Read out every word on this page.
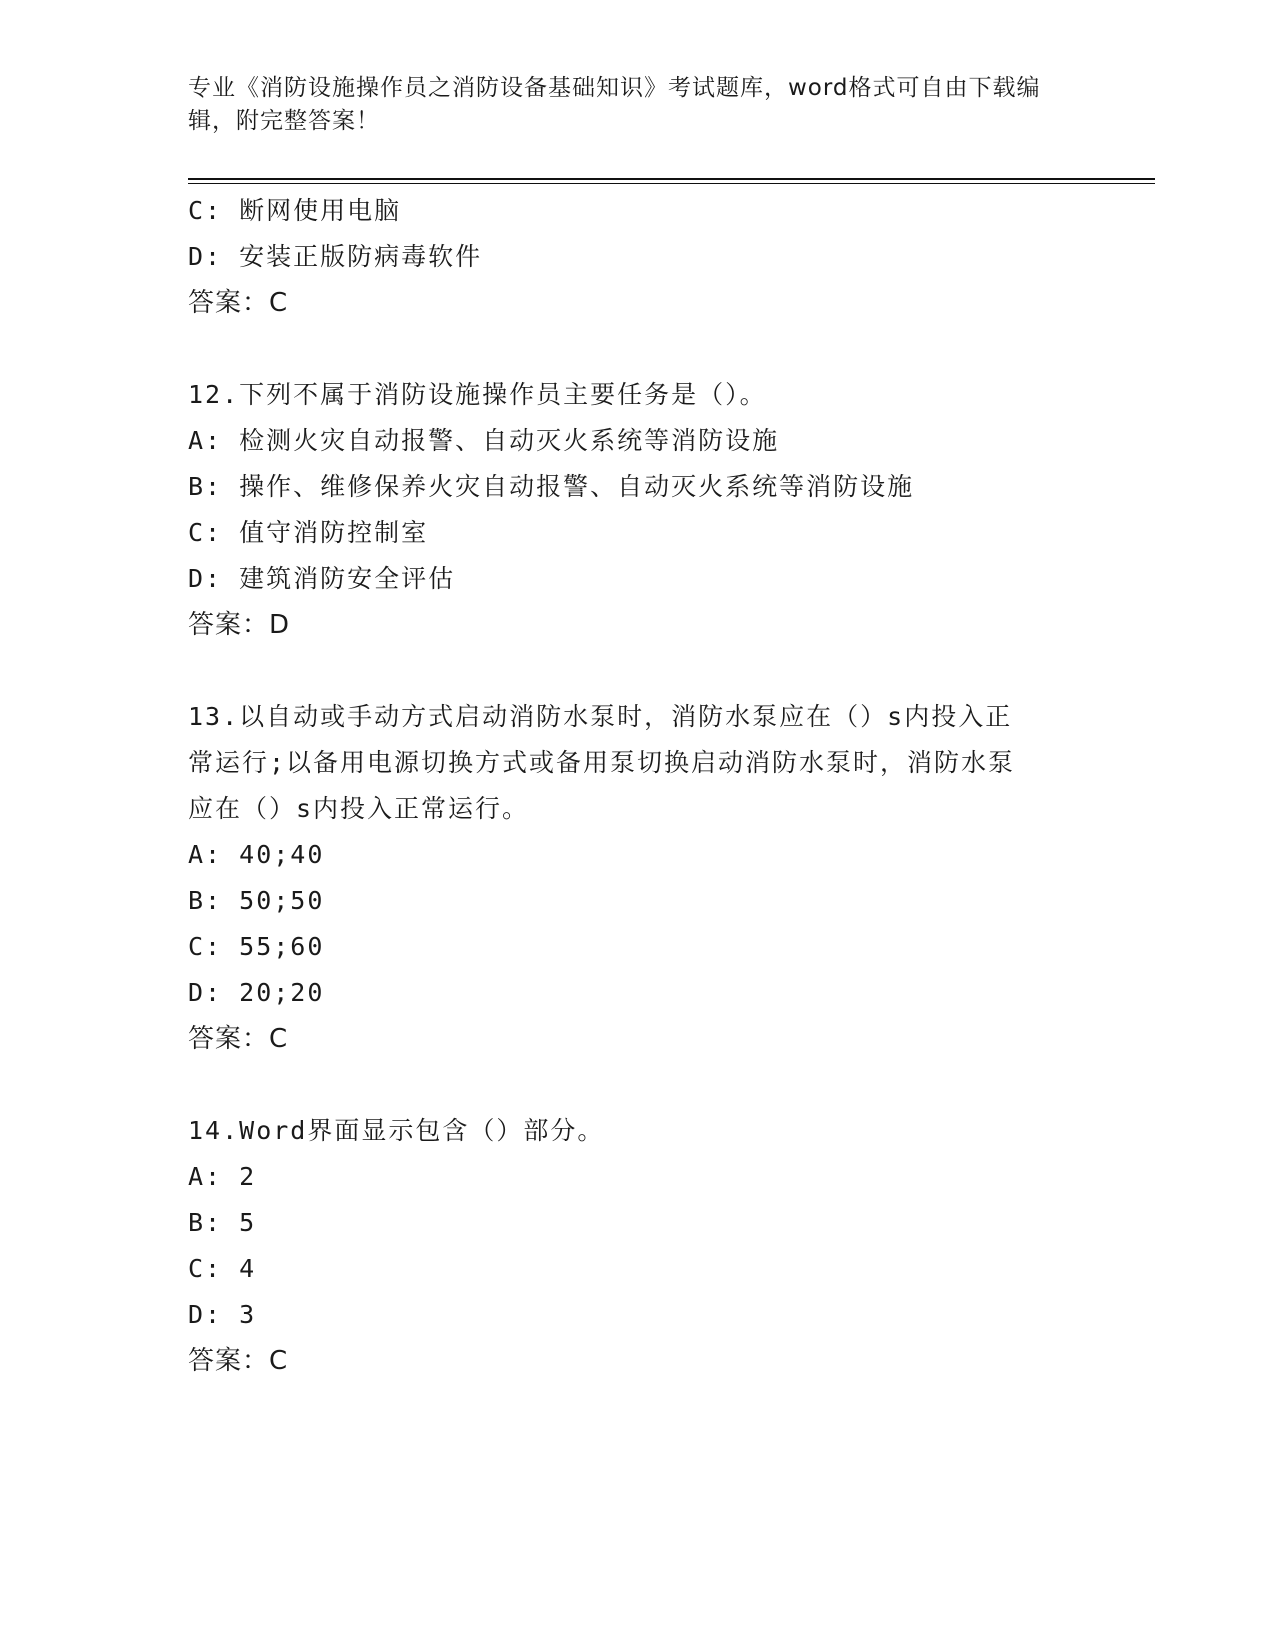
专业《消防设施操作员之消防设备基础知识》考试题库，word格式可自由下载编
辑，附完整答案！
C: 断网使用电脑
D: 安装正版防病毒软件
答案：C
12.下列不属于消防设施操作员主要任务是（）。
A: 检测火灾自动报警、自动灭火系统等消防设施
B: 操作、维修保养火灾自动报警、自动灭火系统等消防设施
C: 值守消防控制室
D: 建筑消防安全评估
答案：D
13.以自动或手动方式启动消防水泵时，消防水泵应在（）s内投入正
常运行;以备用电源切换方式或备用泵切换启动消防水泵时，消防水泵
应在（）s内投入正常运行。
A: 40;40
B: 50;50
C: 55;60
D: 20;20
答案：C
14.Word界面显示包含（）部分。
A: 2
B: 5
C: 4
D: 3
答案：C
